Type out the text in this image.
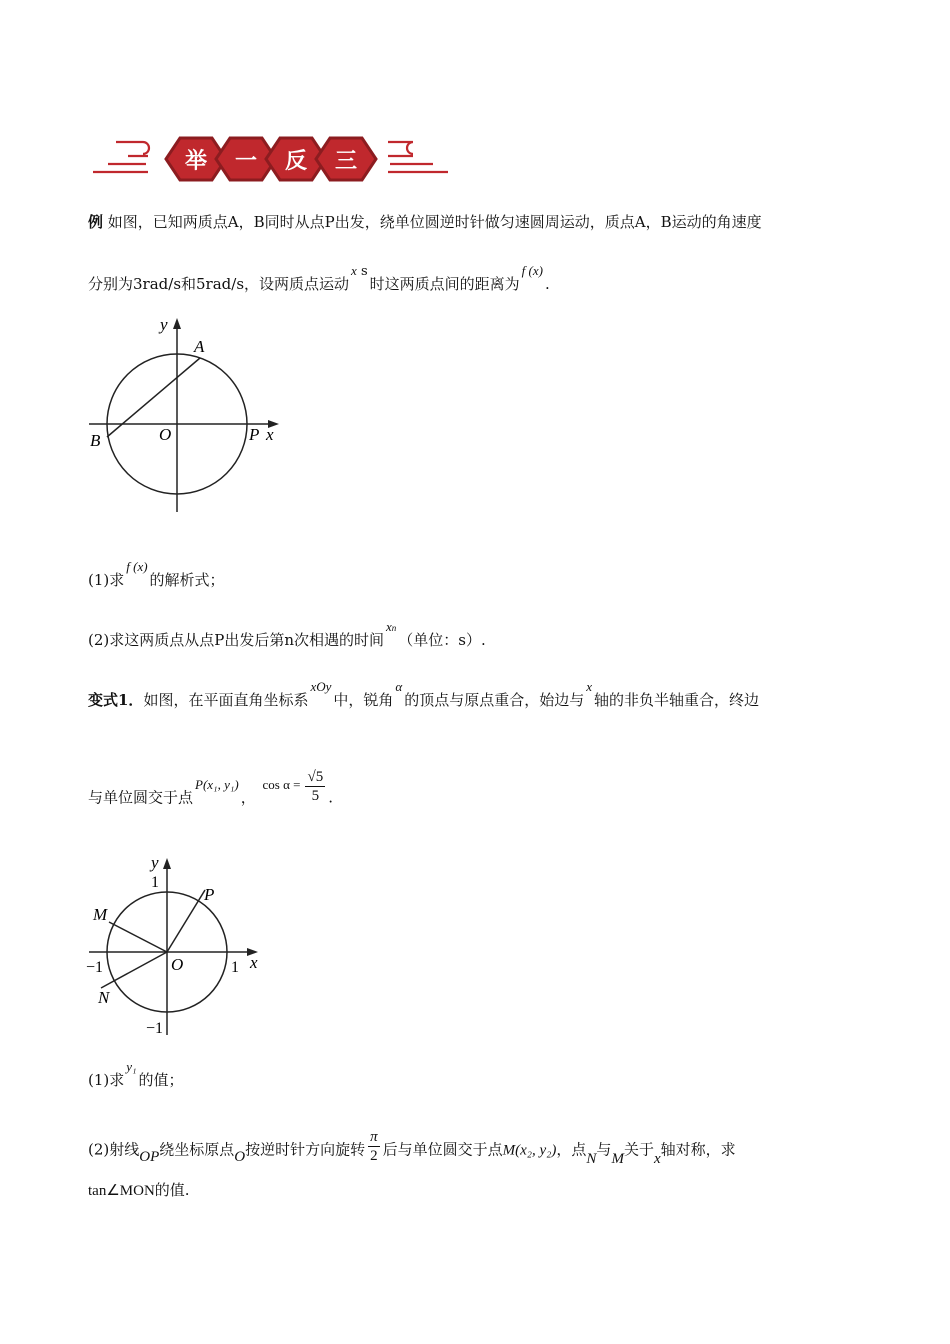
举 一 反 三
例 如图，已知两质点A，B同时从点P出发，绕单位圆逆时针做匀速圆周运动，质点A，B运动的角速度
分别为3rad/s和5rad/s，设两质点运动x s时这两质点间的距离为f (x).
y
A
B	O	P x
(1)求f (x)的解析式；
(2)求这两质点从点P出发后第n次相遇的时间xn（单位：s）.
变式1．如图，在平面直角坐标系xOy中，锐角α的顶点与原点重合，始边与x轴的非负半轴重合，终边
与单位圆交于点P(x₁, y₁)， $\cos \alpha = \frac{√5}{5}$ .
y
1
P
M
−1	O	1 x
N
−1
(1)求y₁的值；
(2)射线OP绕坐标原点O按逆时针方向旋转 $\frac{\pi}{2}$ 后与单位圆交于点M(x₂, y₂)，点N与M关于x轴对称，求
tan∠MON的值.
